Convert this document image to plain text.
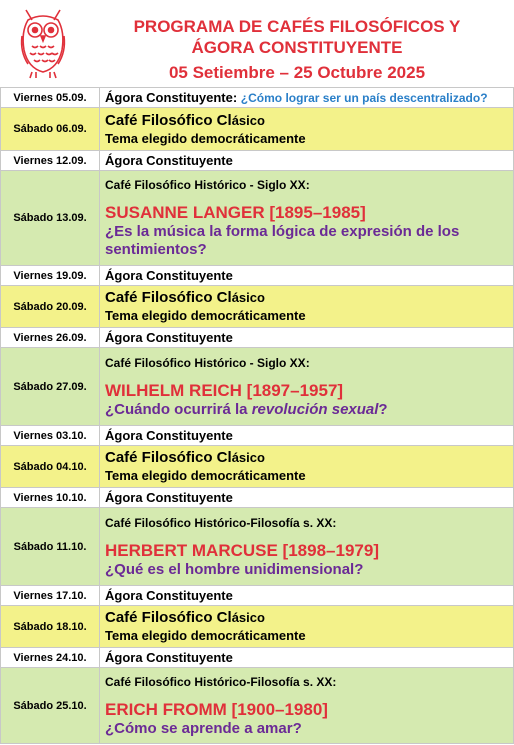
PROGRAMA DE CAFÉS FILOSÓFICOS Y
ÁGORA CONSTITUYENTE
05 Setiembre – 25 Octubre 2025
Viernes 05.09.	Ágora Constituyente: ¿Cómo lograr ser un país descentralizado?
Sábado 06.09.	Café Filosófico Clásico
Tema elegido democráticamente

Viernes 12.09.	Ágora Constituyente
Sábado 13.09.	Café Filosófico Histórico - Siglo XX:
SUSANNE LANGER [1895–1985]
¿Es la música la forma lógica de expresión de los sentimientos?

Viernes 19.09.	Ágora Constituyente
Sábado 20.09.	Café Filosófico Clásico
Tema elegido democráticamente

Viernes 26.09.	Ágora Constituyente
Sábado 27.09.	Café Filosófico Histórico - Siglo XX:
WILHELM REICH [1897–1957]
¿Cuándo ocurrirá la revolución sexual?

Viernes 03.10.	Ágora Constituyente
Sábado 04.10.	Café Filosófico Clásico
Tema elegido democráticamente

Viernes 10.10.	Ágora Constituyente
Sábado 11.10.	Café Filosófico Histórico-Filosofía s. XX:
HERBERT MARCUSE [1898–1979]
¿Qué es el hombre unidimensional?

Viernes 17.10.	Ágora Constituyente
Sábado 18.10.	Café Filosófico Clásico
Tema elegido democráticamente

Viernes 24.10.	Ágora Constituyente
Sábado 25.10.	Café Filosófico Histórico-Filosofía s. XX:
ERICH FROMM [1900–1980]
¿Cómo se aprende a amar?
